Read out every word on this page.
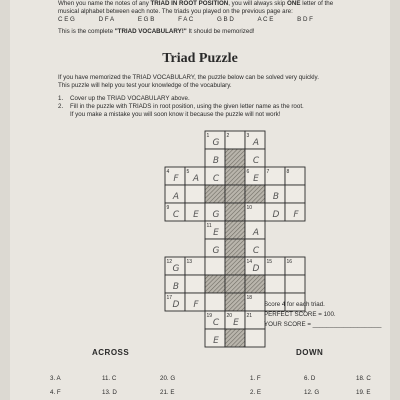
When you name the notes of any TRIAD IN ROOT POSITION, you will always skip ONE letter of the
musical alphabet between each note. The triads you played on the previous page are:
C E G	D F A	E G B	F A C	G B D	A C E	B D F
This is the complete "TRIAD VOCABULARY!" It should be memorized!
Triad Puzzle
If you have memorized the TRIAD VOCABULARY, the puzzle below can be solved very quickly.
This puzzle will help you test your knowledge of the vocabulary.
1. Cover up the TRIAD VOCABULARY above.
2. Fill in the puzzle with TRIADS in root position, using the given letter name as the root.
If you make a mistake you will soon know it because the puzzle will not work!
1
G
2	3
A
B	C
4
F
5
A C
6
E
7	8
A	B
9
C E G
10
D F
11
E	A
G	C
12
G
13	14
D
15	16
B
17
D F
18
19
C
20
E
21
E
Score 4 for each triad.
PERFECT SCORE = 100.
YOUR SCORE = ____________________
ACROSS	DOWN
3. A
4. F
11. C
13. D
20. G
21. E
1. F
2. E
6. D
12. G
18. C
19. E
